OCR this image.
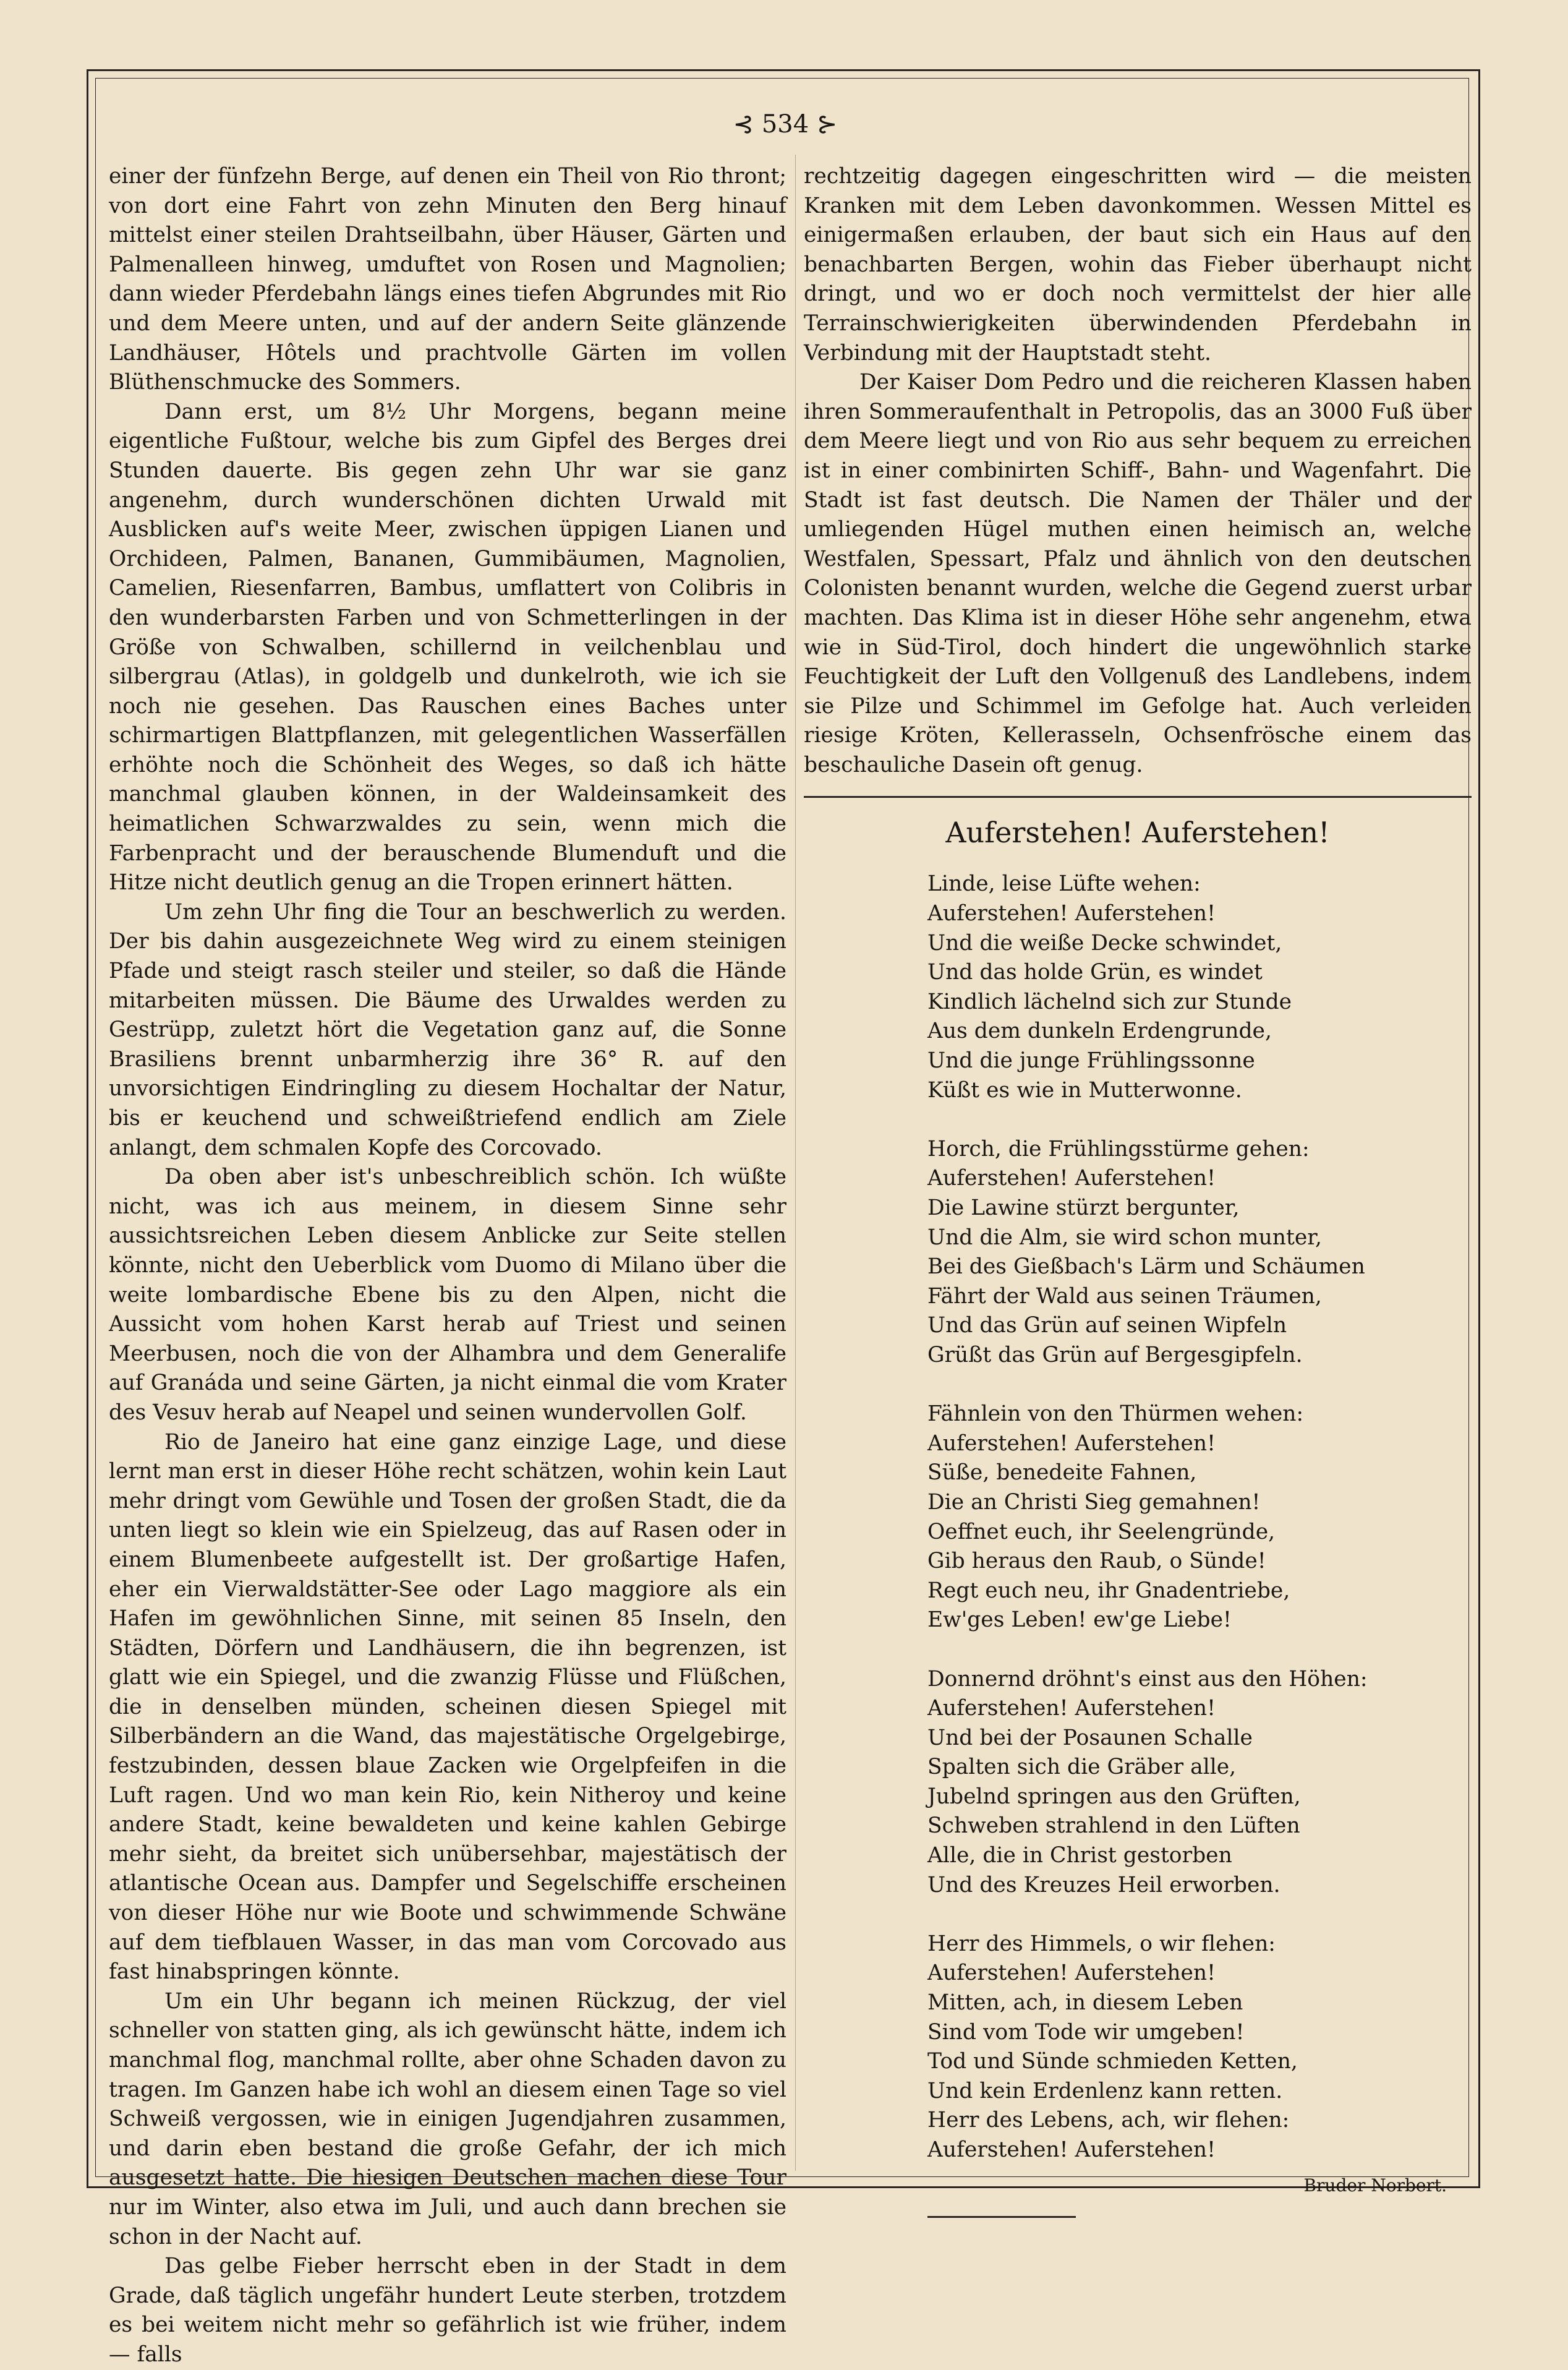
⊰ 534 ⊱

einer der fünfzehn Berge, auf denen ein Theil von Rio thront; von dort eine Fahrt von zehn Minuten den Berg hinauf mittelst einer steilen Drahtseilbahn, über Häuser, Gärten und Palmenalleen hinweg, umduftet von Rosen und Magnolien; dann wieder Pferdebahn längs eines tiefen Abgrundes mit Rio und dem Meere unten, und auf der andern Seite glänzende Landhäuser, Hôtels und prachtvolle Gärten im vollen Blüthenschmucke des Sommers.

Dann erst, um 8½ Uhr Morgens, begann meine eigentliche Fußtour, welche bis zum Gipfel des Berges drei Stunden dauerte. Bis gegen zehn Uhr war sie ganz angenehm, durch wunderschönen dichten Urwald mit Ausblicken auf's weite Meer, zwischen üppigen Lianen und Orchideen, Palmen, Bananen, Gummibäumen, Magnolien, Camelien, Riesenfarren, Bambus, umflattert von Colibris in den wunderbarsten Farben und von Schmetterlingen in der Größe von Schwalben, schillernd in veilchenblau und silbergrau (Atlas), in goldgelb und dunkelroth, wie ich sie noch nie gesehen. Das Rauschen eines Baches unter schirmartigen Blattpflanzen, mit gelegentlichen Wasserfällen erhöhte noch die Schönheit des Weges, so daß ich hätte manchmal glauben können, in der Waldeinsamkeit des heimatlichen Schwarzwaldes zu sein, wenn mich die Farbenpracht und der berauschende Blumenduft und die Hitze nicht deutlich genug an die Tropen erinnert hätten.

Um zehn Uhr fing die Tour an beschwerlich zu werden. Der bis dahin ausgezeichnete Weg wird zu einem steinigen Pfade und steigt rasch steiler und steiler, so daß die Hände mitarbeiten müssen. Die Bäume des Urwaldes werden zu Gestrüpp, zuletzt hört die Vegetation ganz auf, die Sonne Brasiliens brennt unbarmherzig ihre 36° R. auf den unvorsichtigen Eindringling zu diesem Hochaltar der Natur, bis er keuchend und schweißtriefend endlich am Ziele anlangt, dem schmalen Kopfe des Corcovado.

Da oben aber ist's unbeschreiblich schön. Ich wüßte nicht, was ich aus meinem, in diesem Sinne sehr aussichtsreichen Leben diesem Anblicke zur Seite stellen könnte, nicht den Ueberblick vom Duomo di Milano über die weite lombardische Ebene bis zu den Alpen, nicht die Aussicht vom hohen Karst herab auf Triest und seinen Meerbusen, noch die von der Alhambra und dem Generalife auf Granáda und seine Gärten, ja nicht einmal die vom Krater des Vesuv herab auf Neapel und seinen wundervollen Golf.

Rio de Janeiro hat eine ganz einzige Lage, und diese lernt man erst in dieser Höhe recht schätzen, wohin kein Laut mehr dringt vom Gewühle und Tosen der großen Stadt, die da unten liegt so klein wie ein Spielzeug, das auf Rasen oder in einem Blumenbeete aufgestellt ist. Der großartige Hafen, eher ein Vierwaldstätter-See oder Lago maggiore als ein Hafen im gewöhnlichen Sinne, mit seinen 85 Inseln, den Städten, Dörfern und Landhäusern, die ihn begrenzen, ist glatt wie ein Spiegel, und die zwanzig Flüsse und Flüßchen, die in denselben münden, scheinen diesen Spiegel mit Silberbändern an die Wand, das majestätische Orgelgebirge, festzubinden, dessen blaue Zacken wie Orgelpfeifen in die Luft ragen. Und wo man kein Rio, kein Nitheroy und keine andere Stadt, keine bewaldeten und keine kahlen Gebirge mehr sieht, da breitet sich unübersehbar, majestätisch der atlantische Ocean aus. Dampfer und Segelschiffe erscheinen von dieser Höhe nur wie Boote und schwimmende Schwäne auf dem tiefblauen Wasser, in das man vom Corcovado aus fast hinabspringen könnte.

Um ein Uhr begann ich meinen Rückzug, der viel schneller von statten ging, als ich gewünscht hätte, indem ich manchmal flog, manchmal rollte, aber ohne Schaden davon zu tragen. Im Ganzen habe ich wohl an diesem einen Tage so viel Schweiß vergossen, wie in einigen Jugendjahren zusammen, und darin eben bestand die große Gefahr, der ich mich ausgesetzt hatte. Die hiesigen Deutschen machen diese Tour nur im Winter, also etwa im Juli, und auch dann brechen sie schon in der Nacht auf.

Das gelbe Fieber herrscht eben in der Stadt in dem Grade, daß täglich ungefähr hundert Leute sterben, trotzdem es bei weitem nicht mehr so gefährlich ist wie früher, indem — falls

rechtzeitig dagegen eingeschritten wird — die meisten Kranken mit dem Leben davonkommen. Wessen Mittel es einigermaßen erlauben, der baut sich ein Haus auf den benachbarten Bergen, wohin das Fieber überhaupt nicht dringt, und wo er doch noch vermittelst der hier alle Terrainschwierigkeiten überwindenden Pferdebahn in Verbindung mit der Hauptstadt steht.

Der Kaiser Dom Pedro und die reicheren Klassen haben ihren Sommeraufenthalt in Petropolis, das an 3000 Fuß über dem Meere liegt und von Rio aus sehr bequem zu erreichen ist in einer combinirten Schiff-, Bahn- und Wagenfahrt. Die Stadt ist fast deutsch. Die Namen der Thäler und der umliegenden Hügel muthen einen heimisch an, welche Westfalen, Spessart, Pfalz und ähnlich von den deutschen Colonisten benannt wurden, welche die Gegend zuerst urbar machten. Das Klima ist in dieser Höhe sehr angenehm, etwa wie in Süd-Tirol, doch hindert die ungewöhnlich starke Feuchtigkeit der Luft den Vollgenuß des Landlebens, indem sie Pilze und Schimmel im Gefolge hat. Auch verleiden riesige Kröten, Kellerasseln, Ochsenfrösche einem das beschauliche Dasein oft genug.

Auferstehen! Auferstehen!
Linde, leise Lüfte wehen:
Auferstehen! Auferstehen!
Und die weiße Decke schwindet,
Und das holde Grün, es windet
Kindlich lächelnd sich zur Stunde
Aus dem dunkeln Erdengrunde,
Und die junge Frühlingssonne
Küßt es wie in Mutterwonne.
Horch, die Frühlingsstürme gehen:
Auferstehen! Auferstehen!
Die Lawine stürzt bergunter,
Und die Alm, sie wird schon munter,
Bei des Gießbach's Lärm und Schäumen
Fährt der Wald aus seinen Träumen,
Und das Grün auf seinen Wipfeln
Grüßt das Grün auf Bergesgipfeln.
Fähnlein von den Thürmen wehen:
Auferstehen! Auferstehen!
Süße, benedeite Fahnen,
Die an Christi Sieg gemahnen!
Oeffnet euch, ihr Seelengründe,
Gib heraus den Raub, o Sünde!
Regt euch neu, ihr Gnadentriebe,
Ew'ges Leben! ew'ge Liebe!
Donnernd dröhnt's einst aus den Höhen:
Auferstehen! Auferstehen!
Und bei der Posaunen Schalle
Spalten sich die Gräber alle,
Jubelnd springen aus den Grüften,
Schweben strahlend in den Lüften
Alle, die in Christ gestorben
Und des Kreuzes Heil erworben.
Herr des Himmels, o wir flehen:
Auferstehen! Auferstehen!
Mitten, ach, in diesem Leben
Sind vom Tode wir umgeben!
Tod und Sünde schmieden Ketten,
Und kein Erdenlenz kann retten.
Herr des Lebens, ach, wir flehen:
Auferstehen! Auferstehen!
Bruder Norbert.
